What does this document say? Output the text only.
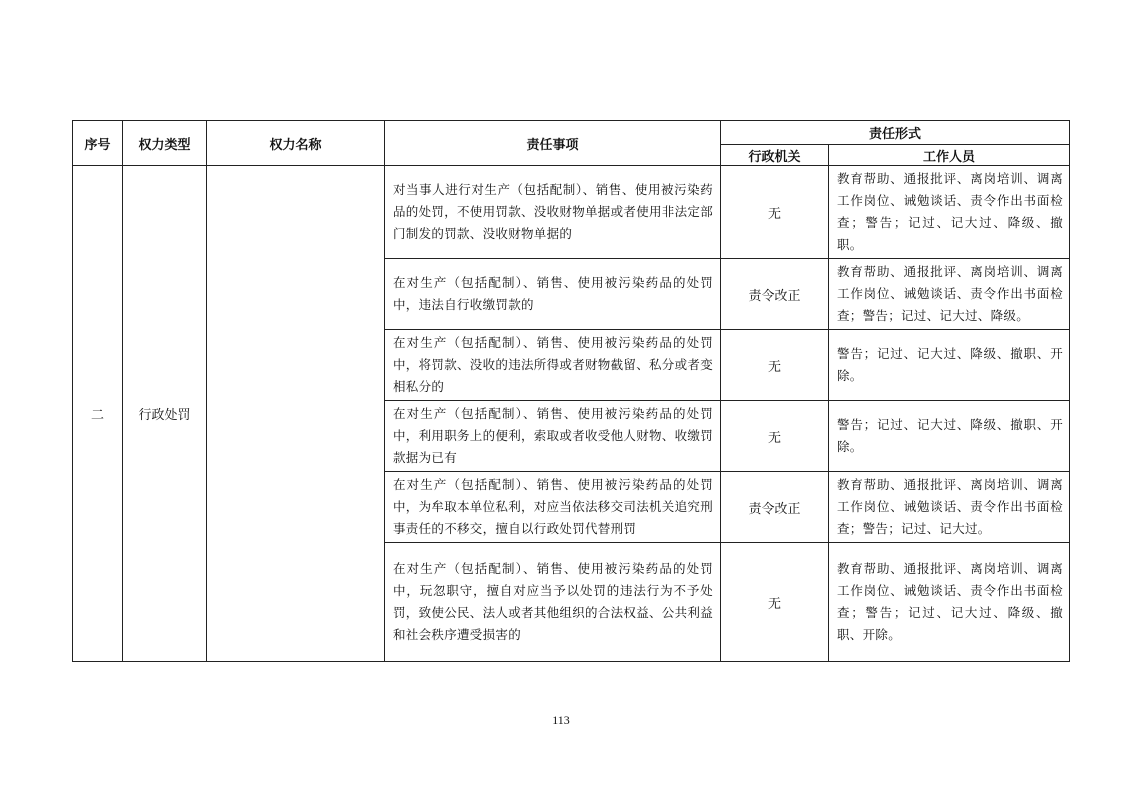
序号	权力类型	权力名称	责任事项	责任形式	
				行政机关	工作人员
二	行政处罚		对当事人进行对生产（包括配制）、销售、使用被污染药品的处罚，不使用罚款、没收财物单据或者使用非法定部门制发的罚款、没收财物单据的	无	教育帮助、通报批评、离岗培训、调离工作岗位、诫勉谈话、责令作出书面检查；警告；记过、记大过、降级、撤职。
			在对生产（包括配制）、销售、使用被污染药品的处罚中，违法自行收缴罚款的	责令改正	教育帮助、通报批评、离岗培训、调离工作岗位、诫勉谈话、责令作出书面检查；警告；记过、记大过、降级。
			在对生产（包括配制）、销售、使用被污染药品的处罚中，将罚款、没收的违法所得或者财物截留、私分或者变相私分的	无	警告；记过、记大过、降级、撤职、开除。
			在对生产（包括配制）、销售、使用被污染药品的处罚中，利用职务上的便利，索取或者收受他人财物、收缴罚款据为已有	无	警告；记过、记大过、降级、撤职、开除。
			在对生产（包括配制）、销售、使用被污染药品的处罚中，为牟取本单位私利，对应当依法移交司法机关追究刑事责任的不移交，擅自以行政处罚代替刑罚	责令改正	教育帮助、通报批评、离岗培训、调离工作岗位、诫勉谈话、责令作出书面检查；警告；记过、记大过。
			在对生产（包括配制）、销售、使用被污染药品的处罚中，玩忽职守，擅自对应当予以处罚的违法行为不予处罚，致使公民、法人或者其他组织的合法权益、公共利益和社会秩序遭受损害的	无	教育帮助、通报批评、离岗培训、调离工作岗位、诫勉谈话、责令作出书面检查；警告；记过、记大过、降级、撤职、开除。
113
